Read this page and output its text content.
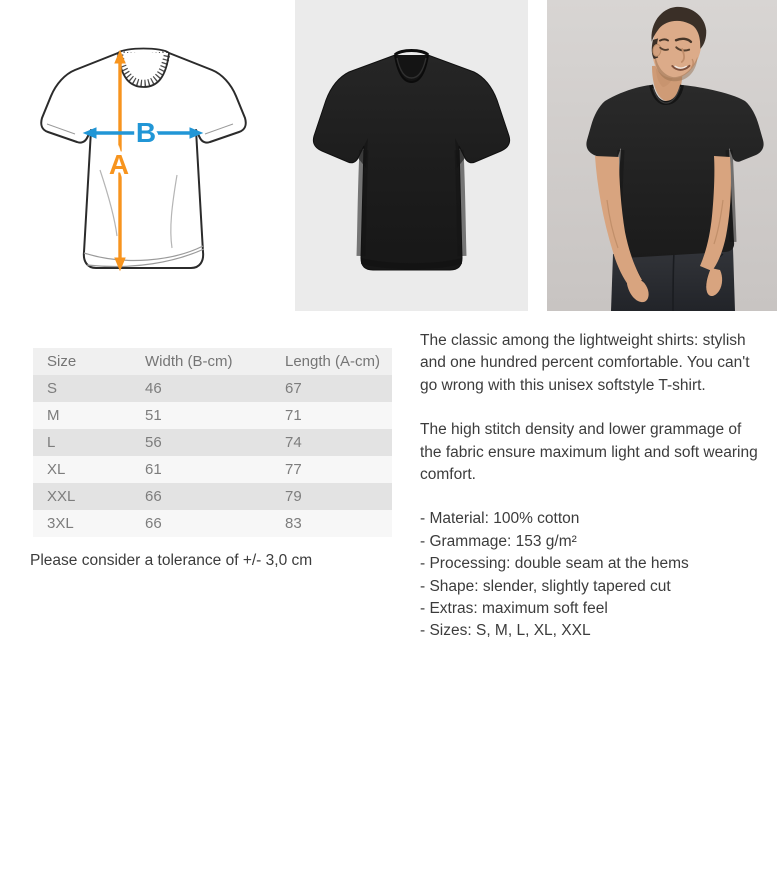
B
A
Size	Width (B-cm)	Length (A-cm)
S	46	67
M	51	71
L	56	74
XL	61	77
XXL	66	79
3XL	66	83
Please consider a tolerance of +/- 3,0 cm

The classic among the lightweight shirts: stylish and one hundred percent comfortable. You can't go wrong with this unisex softstyle T-shirt.

The high stitch density and lower grammage of the fabric ensure maximum light and soft wearing comfort.

- Material: 100% cotton
- Grammage: 153 g/m²
- Processing: double seam at the hems
- Shape: slender, slightly tapered cut
- Extras: maximum soft feel
- Sizes: S, M, L, XL, XXL
